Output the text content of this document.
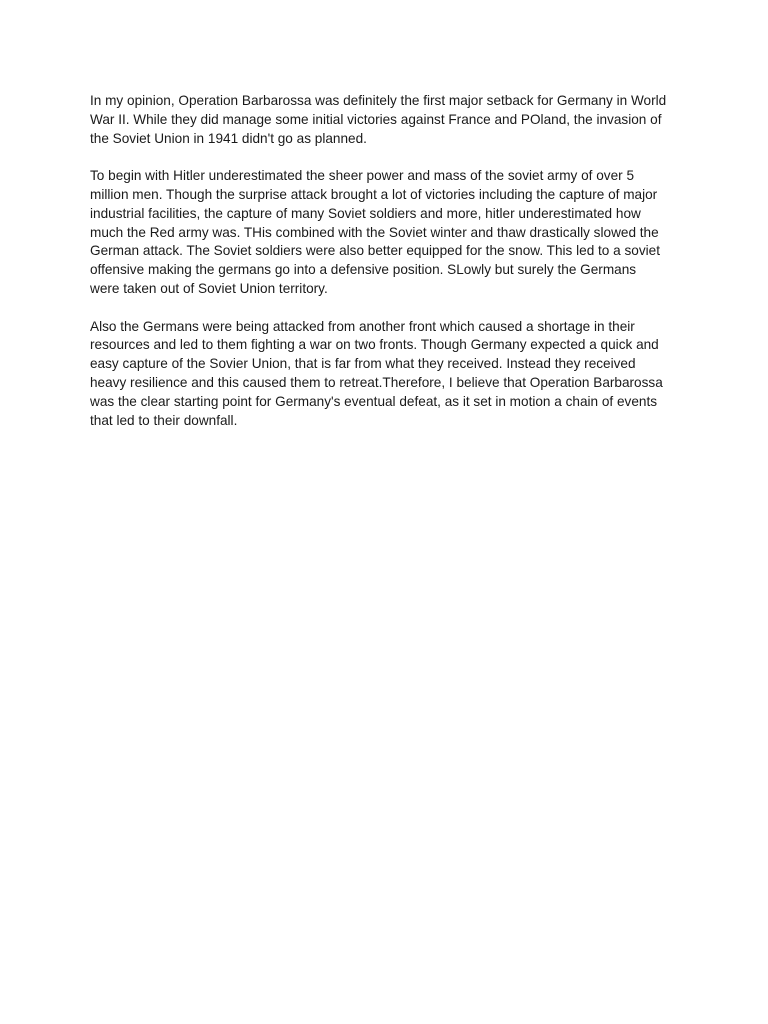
In my opinion, Operation Barbarossa was definitely the first major setback for Germany in World
War II. While they did manage some initial victories against France and POland, the invasion of
the Soviet Union in 1941 didn't go as planned.

To begin with Hitler underestimated the sheer power and mass of the soviet army of over 5
million men. Though the surprise attack brought a lot of victories including the capture of major
industrial facilities, the capture of many Soviet soldiers and more, hitler underestimated how
much the Red army was. THis combined with the Soviet winter and thaw drastically slowed the
German attack. The Soviet soldiers were also better equipped for the snow. This led to a soviet
offensive making the germans go into a defensive position. SLowly but surely the Germans
were taken out of Soviet Union territory.

Also the Germans were being attacked from another front which caused a shortage in their
resources and led to them fighting a war on two fronts. Though Germany expected a quick and
easy capture of the Sovier Union, that is far from what they received. Instead they received
heavy resilience and this caused them to retreat.Therefore, I believe that Operation Barbarossa
was the clear starting point for Germany's eventual defeat, as it set in motion a chain of events
that led to their downfall.
